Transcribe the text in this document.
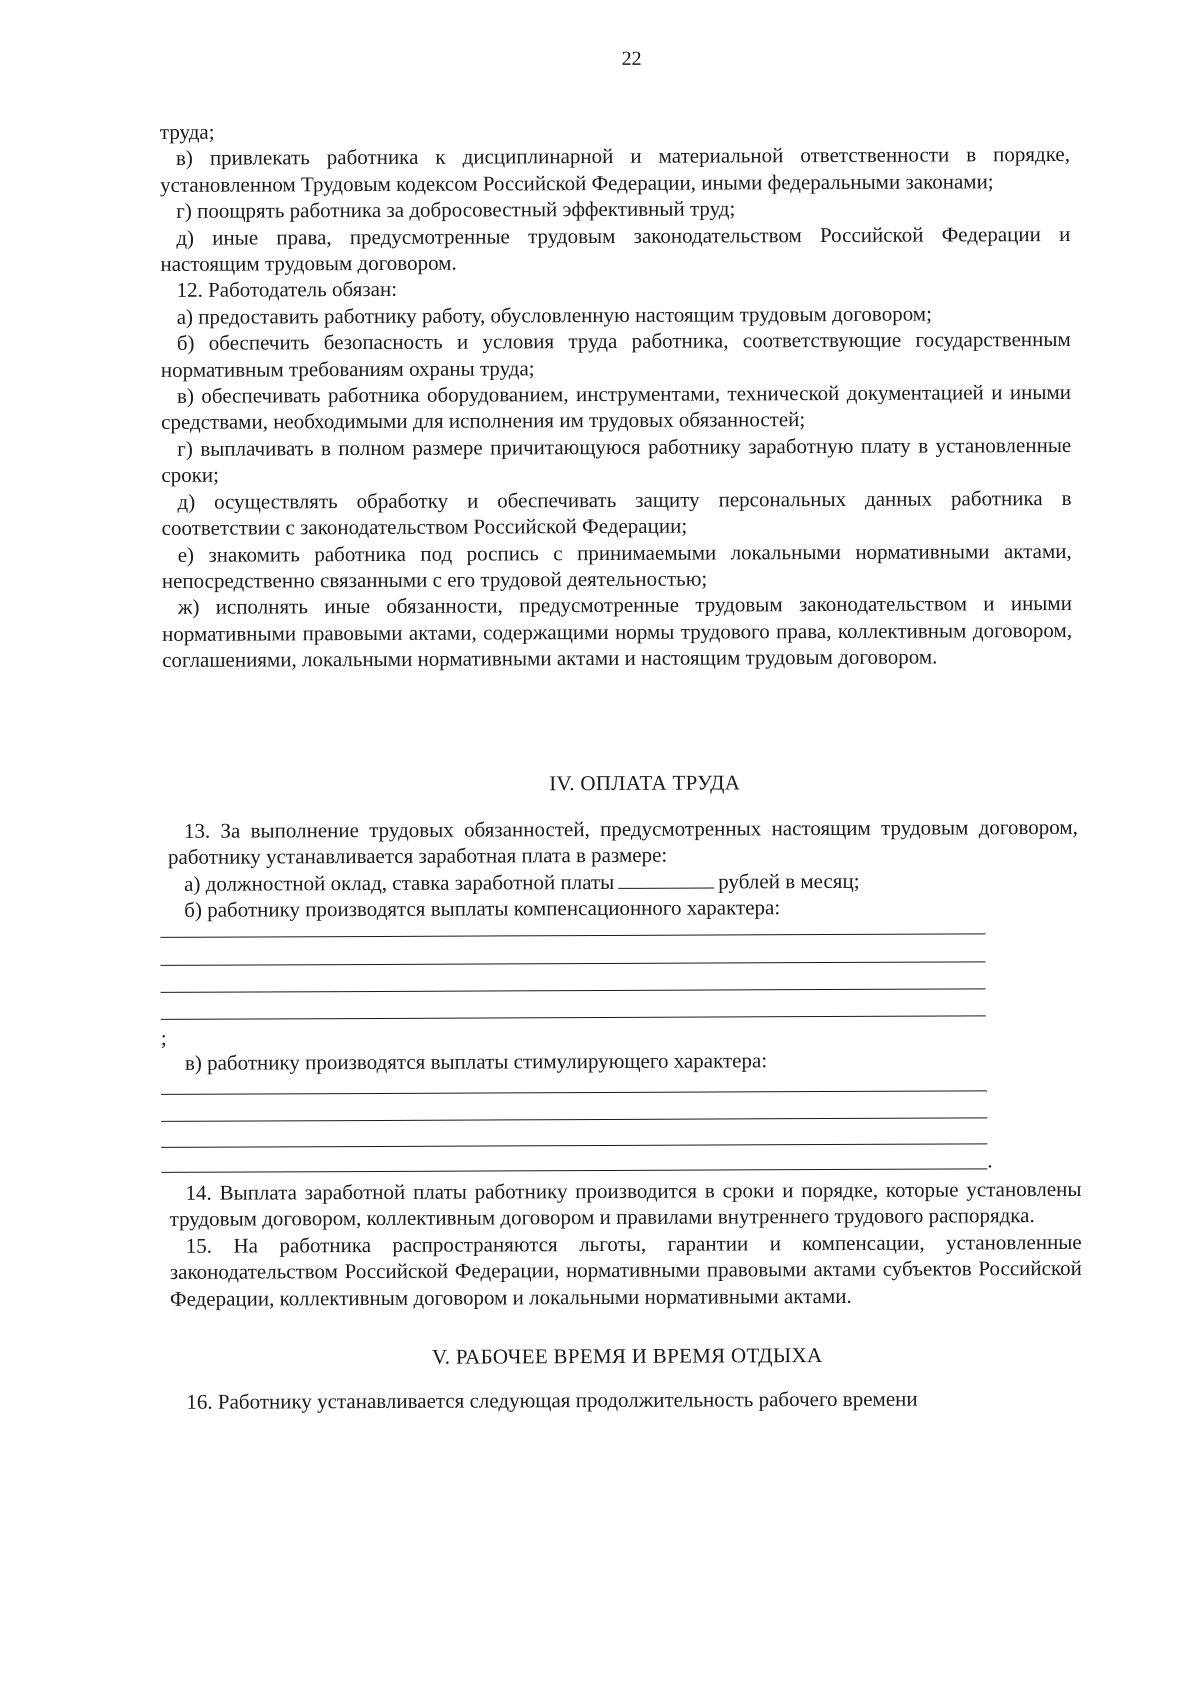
22

труда;

в) привлекать работника к дисциплинарной и материальной ответственности в порядке, установленном Трудовым кодексом Российской Федерации, иными федеральными законами;

г) поощрять работника за добросовестный эффективный труд;

д) иные права, предусмотренные трудовым законодательством Российской Федерации и настоящим трудовым договором.

12. Работодатель обязан:

а) предоставить работнику работу, обусловленную настоящим трудовым договором;

б) обеспечить безопасность и условия труда работника, соответствующие государственным нормативным требованиям охраны труда;

в) обеспечивать работника оборудованием, инструментами, технической документацией и иными средствами, необходимыми для исполнения им трудовых обязанностей;

г) выплачивать в полном размере причитающуюся работнику заработную плату в установленные сроки;

д) осуществлять обработку и обеспечивать защиту персональных данных работника в соответствии с законодательством Российской Федерации;

е) знакомить работника под роспись с принимаемыми локальными нормативными актами, непосредственно связанными с его трудовой деятельностью;

ж) исполнять иные обязанности, предусмотренные трудовым законодательством и иными нормативными правовыми актами, содержащими нормы трудового права, коллективным договором, соглашениями, локальными нормативными актами и настоящим трудовым договором.

IV. ОПЛАТА ТРУДА

13. За выполнение трудовых обязанностей, предусмотренных настоящим трудовым договором, работнику устанавливается заработная плата в размере:

а) должностной оклад, ставка заработной платы	рублей в месяц;

б) работнику производятся выплаты компенсационного характера:

;

в) работнику производятся выплаты стимулирующего характера:

.

14. Выплата заработной платы работнику производится в сроки и порядке, которые установлены трудовым договором, коллективным договором и правилами внутреннего трудового распорядка.

15. На работника распространяются льготы, гарантии и компенсации, установленные законодательством Российской Федерации, нормативными правовыми актами субъектов Российской Федерации, коллективным договором и локальными нормативными актами.

V. РАБОЧЕЕ ВРЕМЯ И ВРЕМЯ ОТДЫХА

16. Работнику устанавливается следующая продолжительность рабочего времени
